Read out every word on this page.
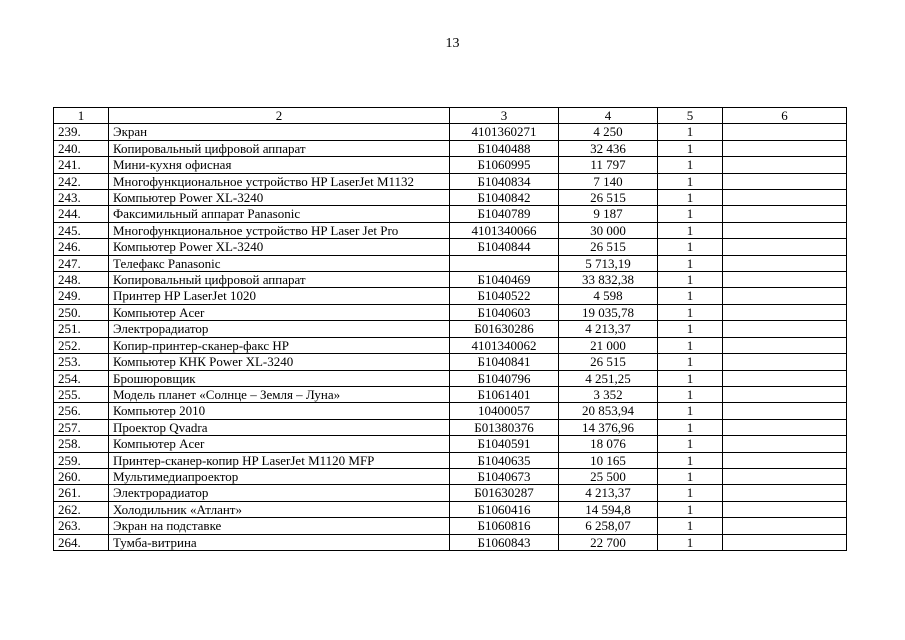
13
1	2	3	4	5	6
239.	Экран	4101360271	4 250	1	
240.	Копировальный цифровой аппарат	Б1040488	32 436	1	
241.	Мини-кухня офисная	Б1060995	11 797	1	
242.	Многофункциональное устройство HP LaserJet M1132	Б1040834	7 140	1	
243.	Компьютер Power XL-3240	Б1040842	26 515	1	
244.	Факсимильный аппарат Panasonic	Б1040789	9 187	1	
245.	Многофункциональное устройство HP Laser Jet Pro	4101340066	30 000	1	
246.	Компьютер Power XL-3240	Б1040844	26 515	1	
247.	Телефакс Panasonic		5 713,19	1	
248.	Копировальный цифровой аппарат	Б1040469	33 832,38	1	
249.	Принтер HP LaserJet 1020	Б1040522	4 598	1	
250.	Компьютер Acer	Б1040603	19 035,78	1	
251.	Электрорадиатор	Б01630286	4 213,37	1	
252.	Копир-принтер-сканер-факс HP	4101340062	21 000	1	
253.	Компьютер КНК Power XL-3240	Б1040841	26 515	1	
254.	Брошюровщик	Б1040796	4 251,25	1	
255.	Модель планет «Солнце – Земля – Луна»	Б1061401	3 352	1	
256.	Компьютер 2010	10400057	20 853,94	1	
257.	Проектор Qvadra	Б01380376	14 376,96	1	
258.	Компьютер Acer	Б1040591	18 076	1	
259.	Принтер-сканер-копир HP LaserJet M1120 MFP	Б1040635	10 165	1	
260.	Мультимедиапроектор	Б1040673	25 500	1	
261.	Электрорадиатор	Б01630287	4 213,37	1	
262.	Холодильник «Атлант»	Б1060416	14 594,8	1	
263.	Экран на подставке	Б1060816	6 258,07	1	
264.	Тумба-витрина	Б1060843	22 700	1	
